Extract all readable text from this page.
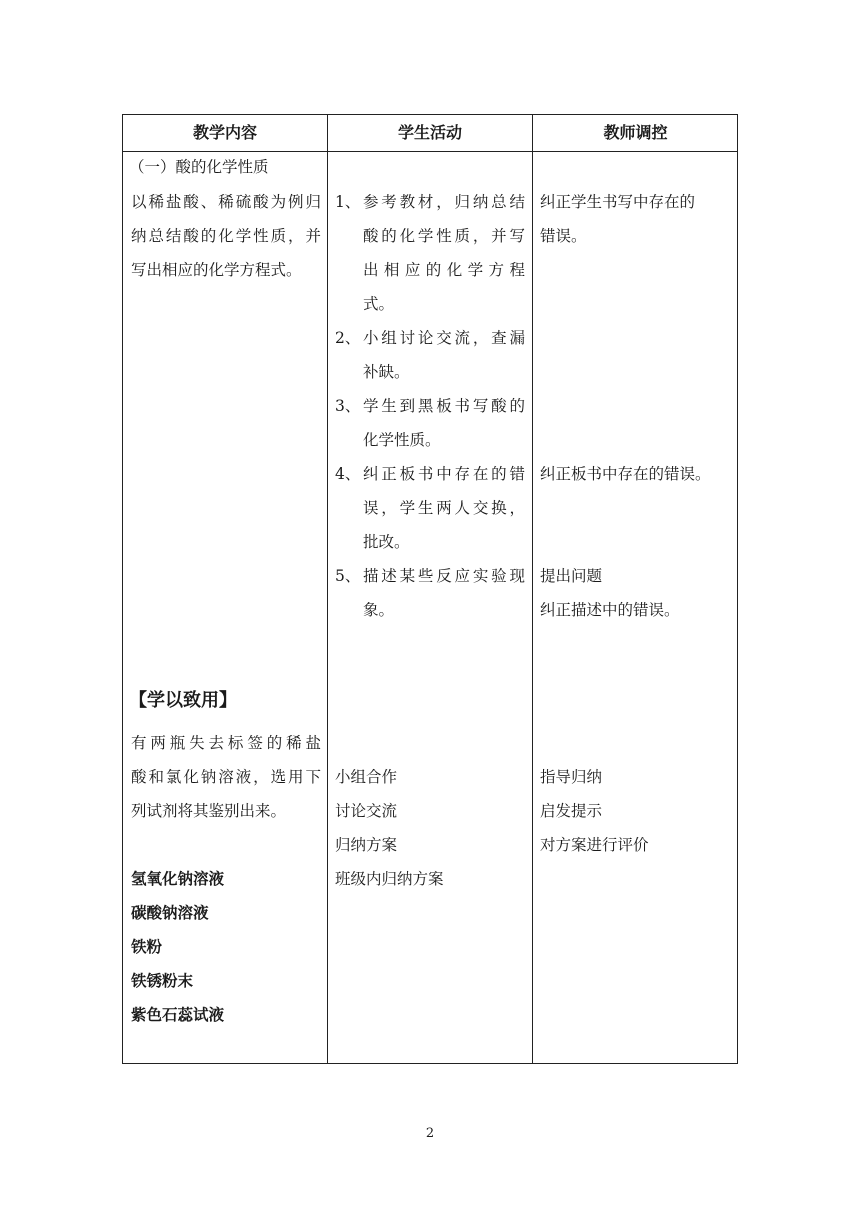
教学内容	学生活动	教师调控
（一）酸的化学性质
以稀盐酸、稀硫酸为例归
纳总结酸的化学性质，并
写出相应的化学方程式。
【学以致用】
有两瓶失去标签的稀盐
酸和氯化钠溶液，选用下
列试剂将其鉴别出来。
氢氧化钠溶液
碳酸钠溶液
铁粉
铁锈粉末
紫色石蕊试液
1、 参考教材，归纳总结
酸的化学性质，并写
出相应的化学方程
式。
2、 小组讨论交流，查漏
补缺。
3、 学生到黑板书写酸的
化学性质。
4、 纠正板书中存在的错
误，学生两人交换，
批改。
5、 描述某些反应实验现
象。
小组合作
讨论交流
归纳方案
班级内归纳方案
纠正学生书写中存在的
错误。
纠正板书中存在的错误。
提出问题
纠正描述中的错误。
指导归纳
启发提示
对方案进行评价
2
